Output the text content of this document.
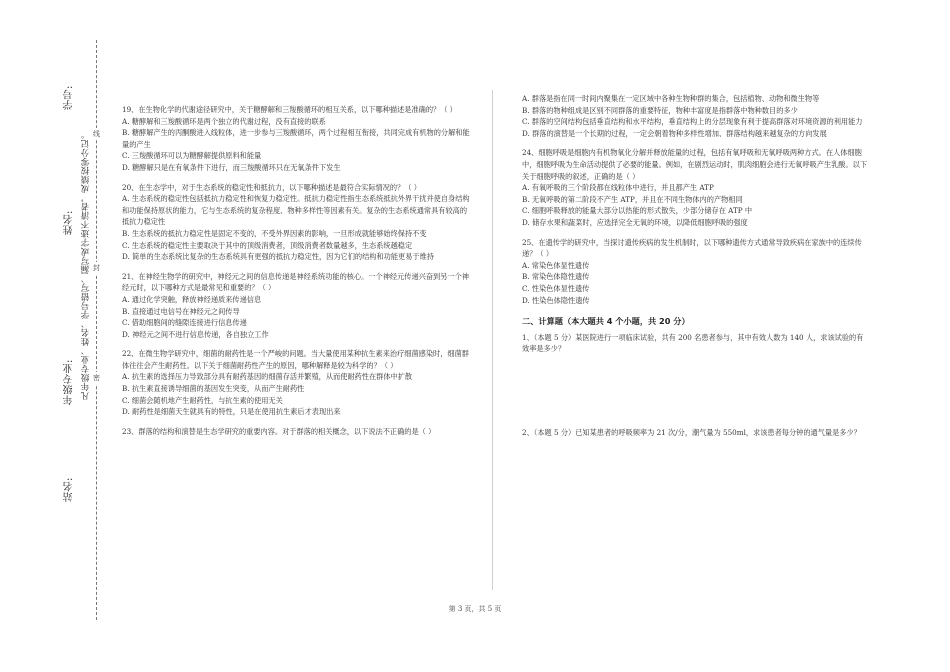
线
封
密
学号:
姓名:
年级专业:
站名:
凡年级专业、姓名、学号错写、漏写或字迹不清者，成绩按零分记。
19、在生物化学的代谢途径研究中，关于糖酵解和三羧酸循环的相互关系，以下哪种描述是准确的？（ ）
A. 糖酵解和三羧酸循环是两个独立的代谢过程，没有直接的联系
B. 糖酵解产生的丙酮酸进入线粒体，进一步参与三羧酸循环，两个过程相互衔接，共同完成有机物的分解和能量的产生
C. 三羧酸循环可以为糖酵解提供原料和能量
D. 糖酵解只是在有氧条件下进行，而三羧酸循环只在无氧条件下发生
20、在生态学中，对于生态系统的稳定性和抵抗力，以下哪种描述是最符合实际情况的？（ ）
A. 生态系统的稳定性包括抵抗力稳定性和恢复力稳定性。抵抗力稳定性指生态系统抵抗外界干扰并使自身结构和功能保持原状的能力，它与生态系统的复杂程度、物种多样性等因素有关。复杂的生态系统通常具有较高的抵抗力稳定性
B. 生态系统的抵抗力稳定性是固定不变的，不受外界因素的影响，一旦形成就能够始终保持不变
C. 生态系统的稳定性主要取决于其中的顶级消费者，顶级消费者数量越多，生态系统越稳定
D. 简单的生态系统比复杂的生态系统具有更强的抵抗力稳定性，因为它们的结构和功能更易于维持
21、在神经生物学的研究中，神经元之间的信息传递是神经系统功能的核心。一个神经元传递兴奋到另一个神经元时，以下哪种方式是最常见和重要的？（ ）
A. 通过化学突触，释放神经递质来传递信息
B. 直接通过电信号在神经元之间传导
C. 借助细胞间的缝隙连接进行信息传递
D. 神经元之间不进行信息传递，各自独立工作
22、在微生物学研究中，细菌的耐药性是一个严峻的问题。当大量使用某种抗生素来治疗细菌感染时，细菌群体往往会产生耐药性。以下关于细菌耐药性产生的原因，哪种解释是较为科学的？（ ）
A. 抗生素的选择压力导致部分具有耐药基因的细菌存活并繁殖，从而使耐药性在群体中扩散
B. 抗生素直接诱导细菌的基因发生突变，从而产生耐药性
C. 细菌会随机地产生耐药性，与抗生素的使用无关
D. 耐药性是细菌天生就具有的特性，只是在使用抗生素后才表现出来
23、群落的结构和演替是生态学研究的重要内容。对于群落的相关概念，以下说法不正确的是（ ）
A. 群落是指在同一时间内聚集在一定区域中各种生物种群的集合，包括植物、动物和微生物等
B. 群落的物种组成是区别不同群落的重要特征，物种丰富度是指群落中物种数目的多少
C. 群落的空间结构包括垂直结构和水平结构，垂直结构上的分层现象有利于提高群落对环境资源的利用能力
D. 群落的演替是一个长期的过程，一定会朝着物种多样性增加、群落结构越来越复杂的方向发展
24、细胞呼吸是细胞内有机物氧化分解并释放能量的过程，包括有氧呼吸和无氧呼吸两种方式。在人体细胞中，细胞呼吸为生命活动提供了必要的能量。例如，在剧烈运动时，肌肉细胞会进行无氧呼吸产生乳酸。以下关于细胞呼吸的叙述，正确的是（ ）
A. 有氧呼吸的三个阶段都在线粒体中进行，并且都产生 ATP
B. 无氧呼吸的第二阶段不产生 ATP，并且在不同生物体内的产物相同
C. 细胞呼吸释放的能量大部分以热能的形式散失，少部分储存在 ATP 中
D. 储存水果和蔬菜时，应选择完全无氧的环境，以降低细胞呼吸的强度
25、在遗传学的研究中，当探讨遗传疾病的发生机制时，以下哪种遗传方式通常导致疾病在家族中的连续传递？（ ）
A. 常染色体显性遗传
B. 常染色体隐性遗传
C. 性染色体显性遗传
D. 性染色体隐性遗传
二、计算题（本大题共 4 个小题，共 20 分）
1、（本题 5 分）某医院进行一项临床试验，共有 200 名患者参与，其中有效人数为 140 人，求该试验的有效率是多少？
2、（本题 5 分）已知某患者的呼吸频率为 21 次/分，潮气量为 550ml，求该患者每分钟的通气量是多少？
第 3 页，共 5 页
